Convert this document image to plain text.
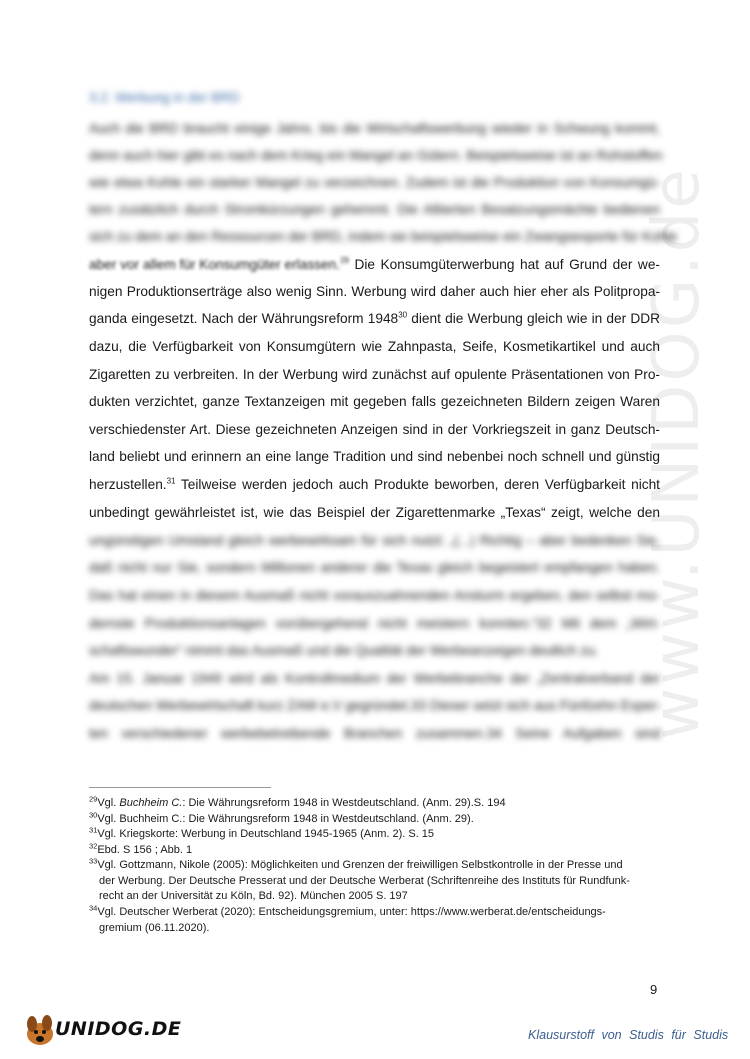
www.UNIDOG.de
3.2. Werbung in der BRD
Auch die BRD braucht einige Jahre, bis die Wirtschaftswerbung wieder in Schwung kommt,
denn auch hier gibt es nach dem Krieg ein Mangel an Gütern. Beispielsweise ist an Rohstoffen
wie etwa Kohle ein starker Mangel zu verzeichnen. Zudem ist die Produktion von Konsumgü-
tern zusätzlich durch Stromkürzungen gehemmt. Die Alliierten Besatzungsmächte bedienen
sich zu dem an den Ressourcen der BRD, indem sie beispielsweise ein Zwangsexporte für Kohle
aber vor allem für Konsumgüter erlassen.$^{29}$ Die Konsumgüterwerbung hat auf Grund der we-
nigen Produktionserträge also wenig Sinn. Werbung wird daher auch hier eher als Politpropa-
ganda eingesetzt. Nach der Währungsreform 1948$^{30}$ dient die Werbung gleich wie in der DDR
dazu, die Verfügbarkeit von Konsumgütern wie Zahnpasta, Seife, Kosmetikartikel und auch
Zigaretten zu verbreiten. In der Werbung wird zunächst auf opulente Präsentationen von Pro-
dukten verzichtet, ganze Textanzeigen mit gegeben falls gezeichneten Bildern zeigen Waren
verschiedenster Art. Diese gezeichneten Anzeigen sind in der Vorkriegszeit in ganz Deutsch-
land beliebt und erinnern an eine lange Tradition und sind nebenbei noch schnell und günstig
herzustellen.$^{31}$ Teilweise werden jedoch auch Produkte beworben, deren Verfügbarkeit nicht
unbedingt gewährleistet ist, wie das Beispiel der Zigarettenmarke „Texas“ zeigt, welche den
ungünstigen Umstand gleich werbewirksam für sich nutzt: „(...) Richtig – aber bedenken Sie,
daß nicht nur Sie, sondern Millionen anderer die Texas gleich begeistert empfangen haben.
Das hat einen in diesem Ausmaß nicht vorauszuahnenden Ansturm ergeben, den selbst mo-
dernste Produktionsanlagen vorübergehend nicht meistern konnten.“32 Mit dem „Wirt-
schaftswunder“ nimmt das Ausmaß und die Qualität der Werbeanzeigen deutlich zu.
Am 15. Januar 1949 wird als Kontrollmedium der Werbebranche der „Zentralverband der
deutschen Werbewirtschaft kurz ZAW e.V gegründet.33 Dieser setzt sich aus Fünfzehn Exper-
ten verschiedener werbebetreibende Branchen zusammen.34 Seine Aufgaben sind
$^{29}$Vgl. Buchheim C.: Die Währungsreform 1948 in Westdeutschland. (Anm. 29).S. 194
$^{30}$Vgl. Buchheim C.: Die Währungsreform 1948 in Westdeutschland. (Anm. 29).
$^{31}$Vgl. Kriegskorte: Werbung in Deutschland 1945-1965 (Anm. 2). S. 15
$^{32}$Ebd. S 156 ; Abb. 1
$^{33}$Vgl. Gottzmann, Nikole (2005): Möglichkeiten und Grenzen der freiwilligen Selbstkontrolle in der Presse und
der Werbung. Der Deutsche Presserat und der Deutsche Werberat (Schriftenreihe des Instituts für Rundfunk-
recht an der Universität zu Köln, Bd. 92). München 2005 S. 197
$^{34}$Vgl. Deutscher Werberat (2020): Entscheidungsgremium, unter: https://www.werberat.de/entscheidungs-
gremium (06.11.2020).
9
UNIDOG.DE	Klausurstoff von Studis für Studis
